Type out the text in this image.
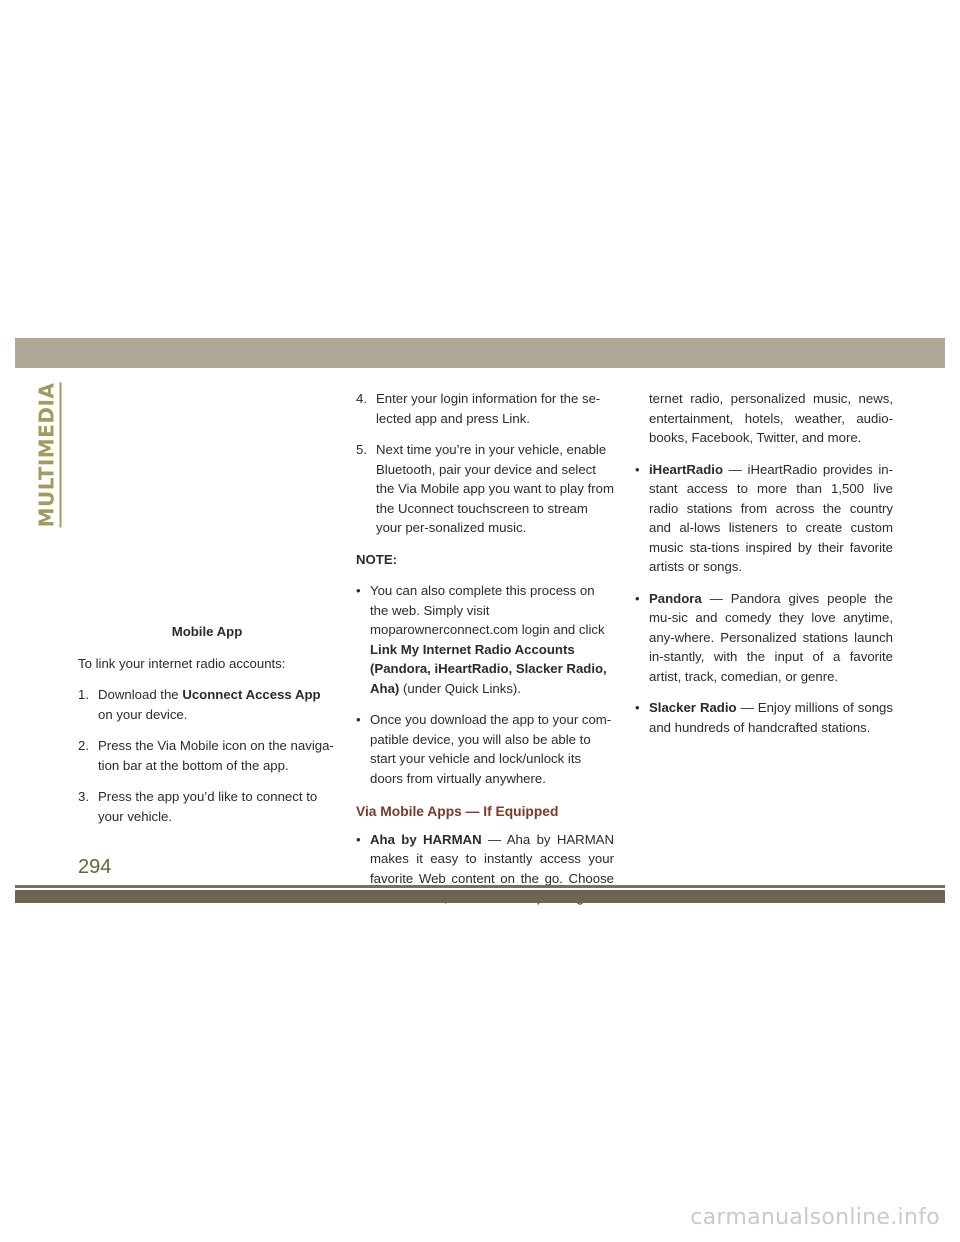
MULTIMEDIA

Mobile App

To link your internet radio accounts:

1. Download the Uconnect Access App on your device.
2. Press the Via Mobile icon on the naviga-tion bar at the bottom of the app.
3. Press the app you’d like to connect to your vehicle.
4. Enter your login information for the se-lected app and press Link.
5. Next time you’re in your vehicle, enable Bluetooth, pair your device and select the Via Mobile app you want to play from the Uconnect touchscreen to stream your per-sonalized music.

NOTE:

• You can also complete this process on the web. Simply visit moparownerconnect.com login and click Link My Internet Radio Accounts (Pandora, iHeartRadio, Slacker Radio, Aha) (under Quick Links).
• Once you download the app to your com-patible device, you will also be able to start your vehicle and lock/unlock its doors from virtually anywhere.

Via Mobile Apps — If Equipped

• Aha by HARMAN — Aha by HARMAN makes it easy to instantly access your favorite Web content on the go. Choose

ternet radio, personalized music, news, entertainment, hotels, weather, audio-books, Facebook, Twitter, and more.

• iHeartRadio — iHeartRadio provides in-stant access to more than 1,500 live radio stations from across the country and al-lows listeners to create custom music sta-tions inspired by their favorite artists or songs.
• Pandora — Pandora gives people the mu-sic and comedy they love anytime, any-where. Personalized stations launch in-stantly, with the input of a favorite artist, track, comedian, or genre.
• Slacker Radio — Enjoy millions of songs and hundreds of handcrafted stations.
294
carmanualsonline.info
